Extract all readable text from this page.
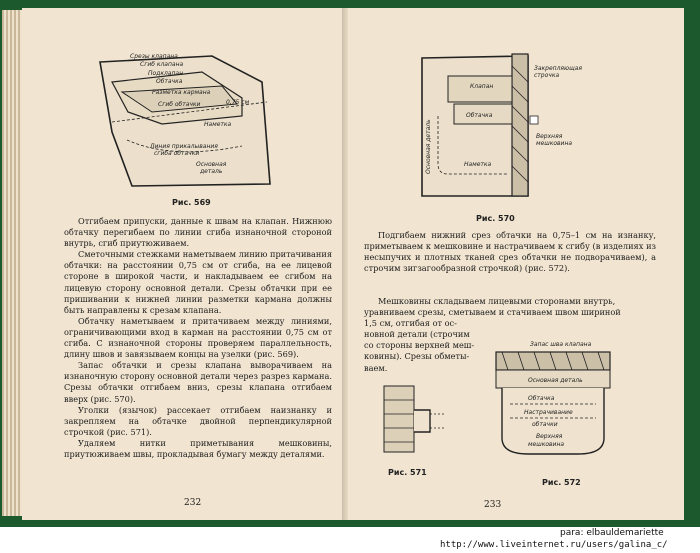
Срезы клапана
Сгиб клапана
Подклапан
Обтачка
Разметка кармана
Сгиб обтачки	0,75 см
Наметка
Линия прикалывания
сгиба обтачки
Основная
деталь
Рис. 569

Отгибаем припуски, данные к швам на клапан. Нижнюю обтачку перегибаем по линии сгиба изнаночной стороной внутрь, сгиб приутюживаем.

Сметочными стежками наметываем линию притачивания обтачки: на расстоянии 0,75 см от сгиба, на ее лицевой стороне в широкой части, и накладываем ее сгибом на лицевую сторону основной детали. Срезы обтачки при ее пришивании к нижней линии разметки кармана должны быть направлены к срезам клапана.

Обтачку наметываем и притачиваем между линиями, ограничивающими вход в карман на расстоянии 0,75 см от сгиба. С изнаночной стороны проверяем параллельность, длину швов и завязываем концы на узелки (рис. 569).

Запас обтачки и срезы клапана выворачиваем на изнаночную сторону основной детали через разрез кармана. Срезы обтачки отгибаем вниз, срезы клапана отгибаем вверх (рис. 570).

Уголки (язычок) рассекает отгибаем наизнанку и закрепляем на обтачке двойной перпендикулярной строчкой (рис. 571).

Удаляем нитки приметывания мешковины, приутюживаем швы, прокладывая бумагу между деталями.

232
Клапан
Обтачка
Основная деталь
Закрепляющая
строчка
Наметка
Верхняя
мешковина
Рис. 570

Подгибаем нижний срез обтачки на 0,75–1 см на изнанку, приметываем к мешковине и настрачиваем к сгибу (в изделиях из несыпучих и плотных тканей срез обтачки не подворачиваем), а строчим зигзагообразной строчкой) (рис. 572).

Мешковины складываем лицевыми сторонами внутрь,
уравниваем срезы, сметываем и стачиваем швом шириной
1,5 см, отгибая от ос-
новной детали (строчим
со стороны верхней меш-
ковины). Срезы обметы-
ваем.
Рис. 571
Запас шва клапана
Основная деталь
Обтачка
Настрачивание
обтачки
Верхняя
мешковина
Рис. 572
233
para: elbauldemariette
http://www.liveinternet.ru/users/galina_c/
